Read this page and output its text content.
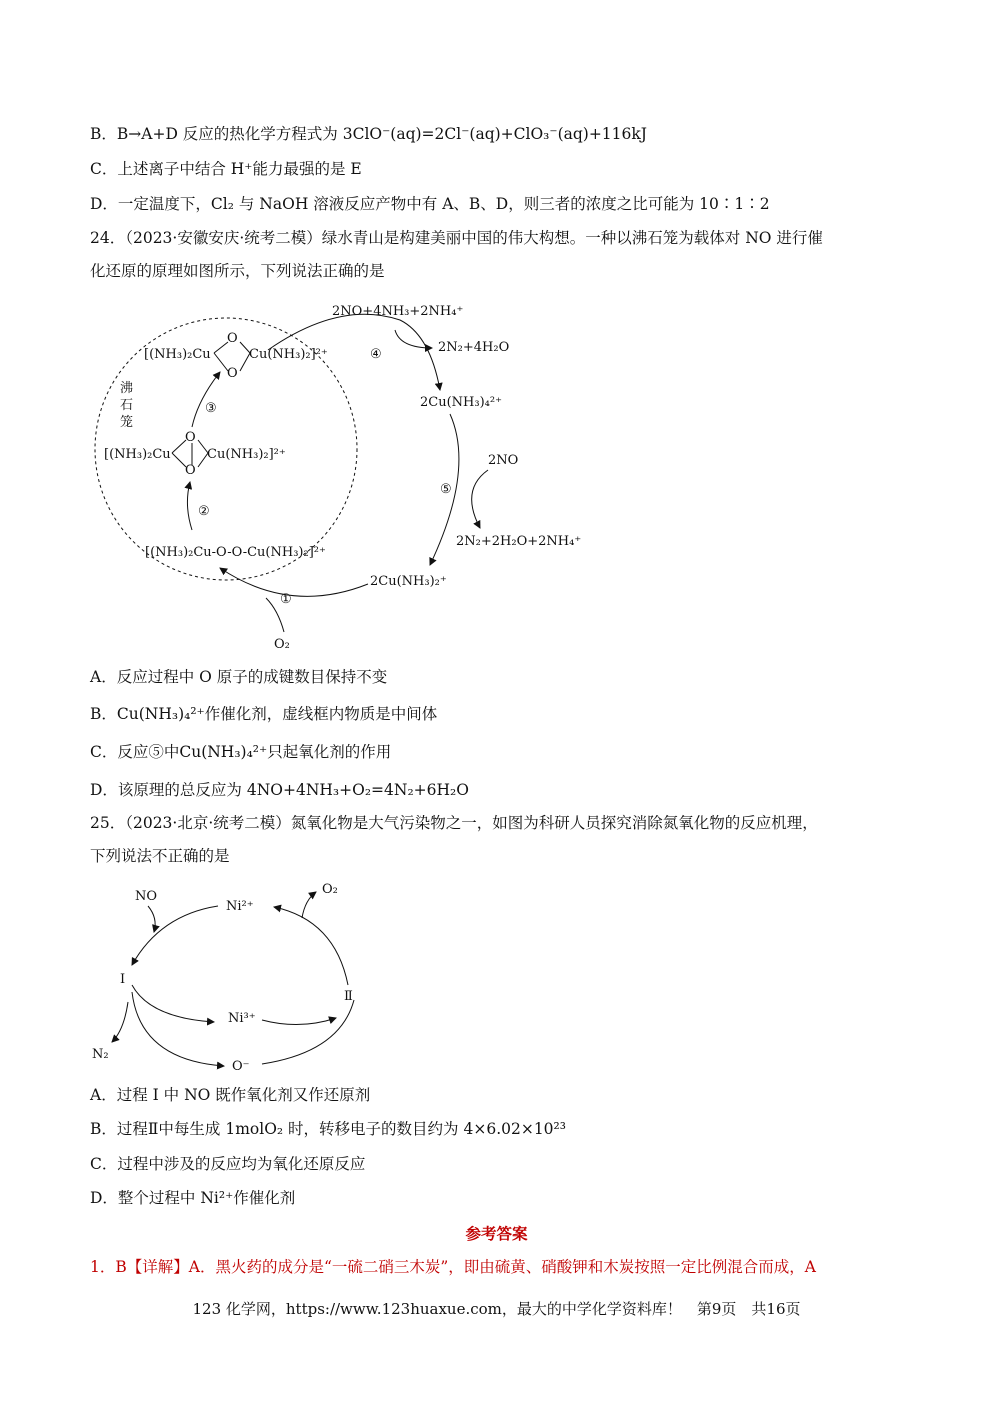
B．B→A+D 反应的热化学方程式为 3ClO⁻(aq)=2Cl⁻(aq)+ClO₃⁻(aq)+116kJ
C．上述离子中结合 H⁺能力最强的是 E
D．一定温度下，Cl₂ 与 NaOH 溶液反应产物中有 A、B、D，则三者的浓度之比可能为 10∶1∶2
24．（2023·安徽安庆·统考二模）绿水青山是构建美丽中国的伟大构想。一种以沸石笼为载体对 NO 进行催
化还原的原理如图所示，下列说法正确的是
沸
石
笼
[(NH₃)₂Cu	Cu(NH₃)₂]²⁺
O
O
[(NH₃)₂Cu	Cu(NH₃)₂]²⁺
O
O
[(NH₃)₂Cu-O-O-Cu(NH₃)₂]²⁺
②
③
④
2NO+4NH₃+2NH₄⁺
2N₂+4H₂O
2Cu(NH₃)₄²⁺
⑤
2NO
2N₂+2H₂O+2NH₄⁺
2Cu(NH₃)₂⁺
①
O₂
A．反应过程中 O 原子的成键数目保持不变
B．Cu(NH₃)₄²⁺作催化剂，虚线框内物质是中间体
C．反应⑤中Cu(NH₃)₄²⁺只起氧化剂的作用
D．该原理的总反应为 4NO+4NH₃+O₂=4N₂+6H₂O
25．（2023·北京·统考二模）氮氧化物是大气污染物之一，如图为科研人员探究消除氮氧化物的反应机理，
下列说法不正确的是
NO
Ni²⁺
O₂
I
Ⅱ
Ni³⁺
N₂
O⁻
A．过程 I 中 NO 既作氧化剂又作还原剂
B．过程Ⅱ中每生成 1molO₂ 时，转移电子的数目约为 4×6.02×10²³
C．过程中涉及的反应均为氧化还原反应
D．整个过程中 Ni²⁺作催化剂
参考答案
1．B【详解】A．黑火药的成分是“一硫二硝三木炭”，即由硫黄、硝酸钾和木炭按照一定比例混合而成，A
123 化学网，https://www.123huaxue.com，最大的中学化学资料库！　第9页　共16页
